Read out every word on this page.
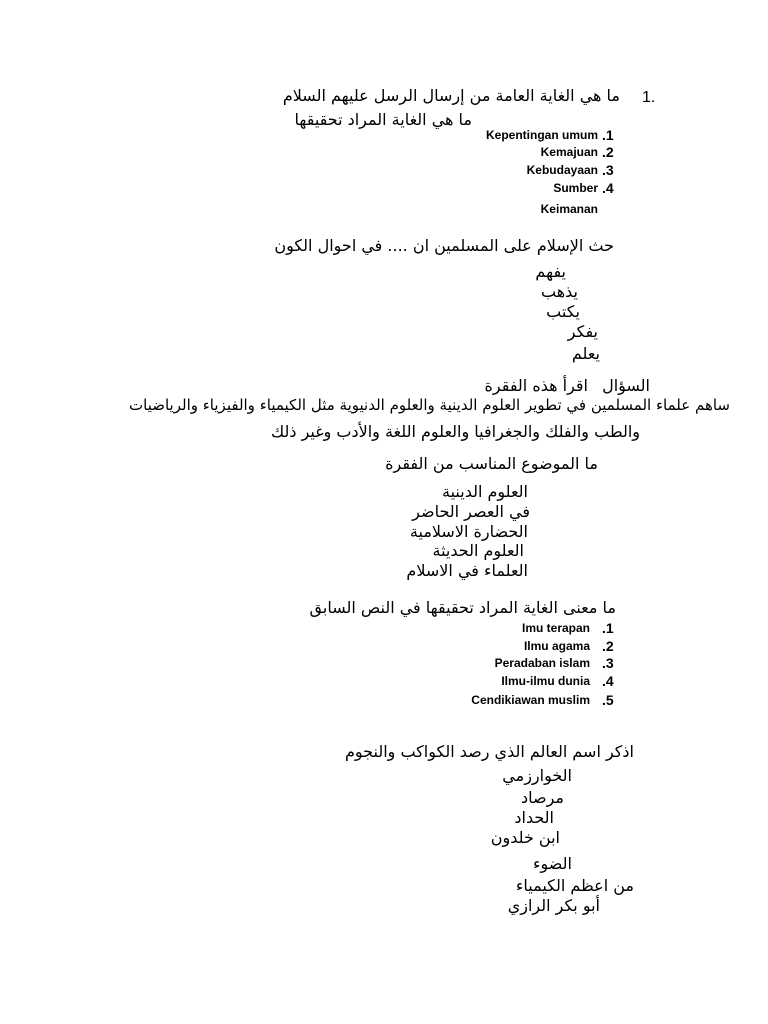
1.
ما هي الغاية العامة من إرسال الرسل عليهم السلام
ما هي الغاية المراد تحقيقها
Kepentingan umum .1
Kemajuan .2
Kebudayaan .3
Sumber .4
Keimanan
حث الإسلام على المسلمين ان .... في احوال الكون
يفهم
يذهب
يكتب
يفكر
يعلم
السؤال
اقرأ هذه الفقرة
ساهم علماء المسلمين في تطوير العلوم الدينية والعلوم الدنيوية مثل الكيمياء والفيزياء والرياضيات
والطب والفلك والجغرافيا والعلوم اللغة والأدب وغير ذلك
ما الموضوع المناسب من الفقرة
العلوم الدينية
في العصر الحاضر
الحضارة الاسلامية
العلوم الحديثة
العلماء في الاسلام
ما معنى الغاية المراد تحقيقها في النص السابق
Imu terapan .1
Ilmu agama .2
Peradaban islam .3
Ilmu-ilmu dunia .4
Cendikiawan muslim .5
اذكر اسم العالم الذي رصد الكواكب والنجوم
الخوارزمي
مرصاد
الحداد
ابن خلدون
الضوء
من اعظم الكيمياء
أبو بكر الرازي
